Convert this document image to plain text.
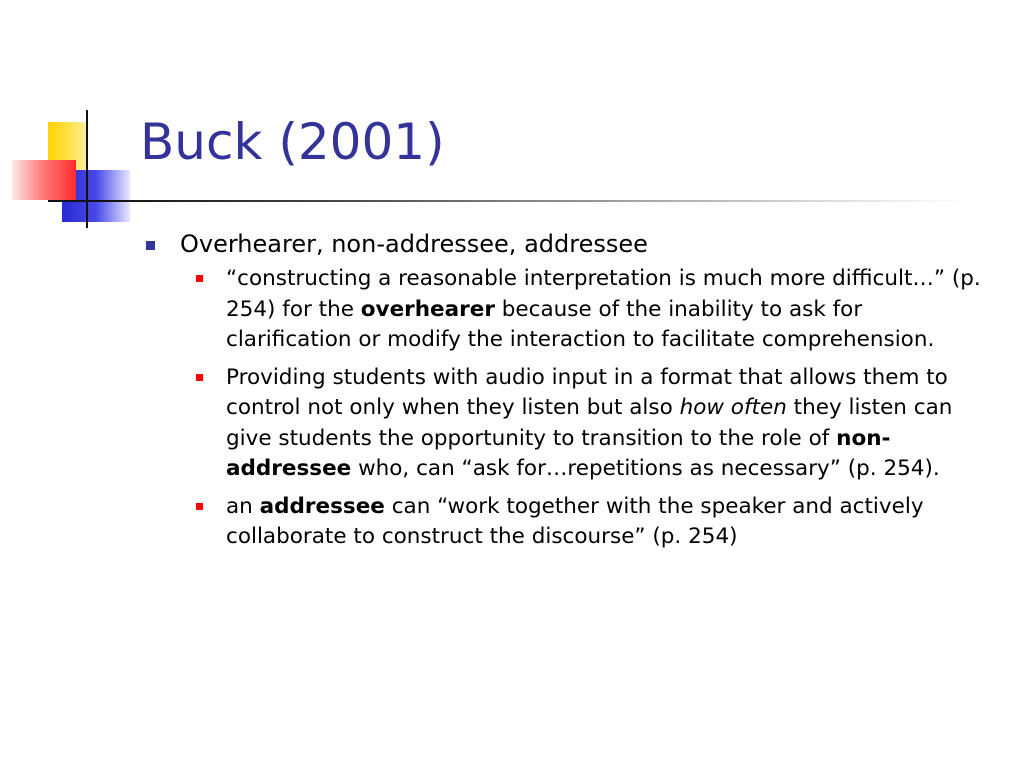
Buck (2001)
Overhearer, non-addressee, addressee
“constructing a reasonable interpretation is much more difficult…” (p. 254) for the overhearer because of the inability to ask for clarification or modify the interaction to facilitate comprehension.
Providing students with audio input in a format that allows them to control not only when they listen but also how often they listen can give students the opportunity to transition to the role of non-addressee who, can “ask for…repetitions as necessary” (p. 254).
an addressee can “work together with the speaker and actively collaborate to construct the discourse” (p. 254)
